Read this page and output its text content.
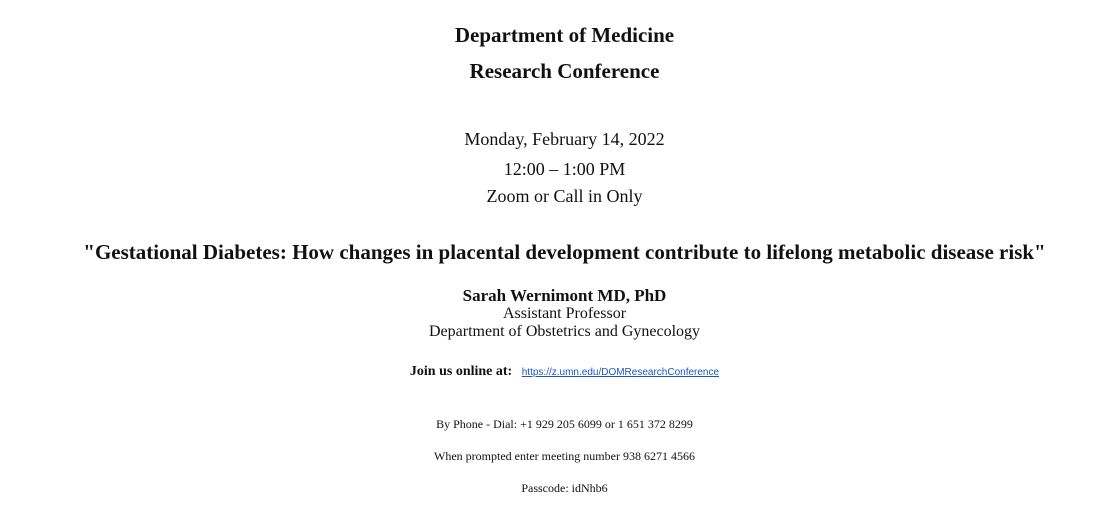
Department of Medicine
Research Conference
Monday, February 14, 2022
12:00 – 1:00 PM
Zoom or Call in Only
"Gestational Diabetes: How changes in placental development contribute to lifelong metabolic disease risk"
Sarah Wernimont MD, PhD
Assistant Professor
Department of Obstetrics and Gynecology
Join us online at: https://z.umn.edu/DOMResearchConference
By Phone - Dial: +1 929 205 6099 or 1 651 372 8299
When prompted enter meeting number 938 6271 4566
Passcode: idNhb6
